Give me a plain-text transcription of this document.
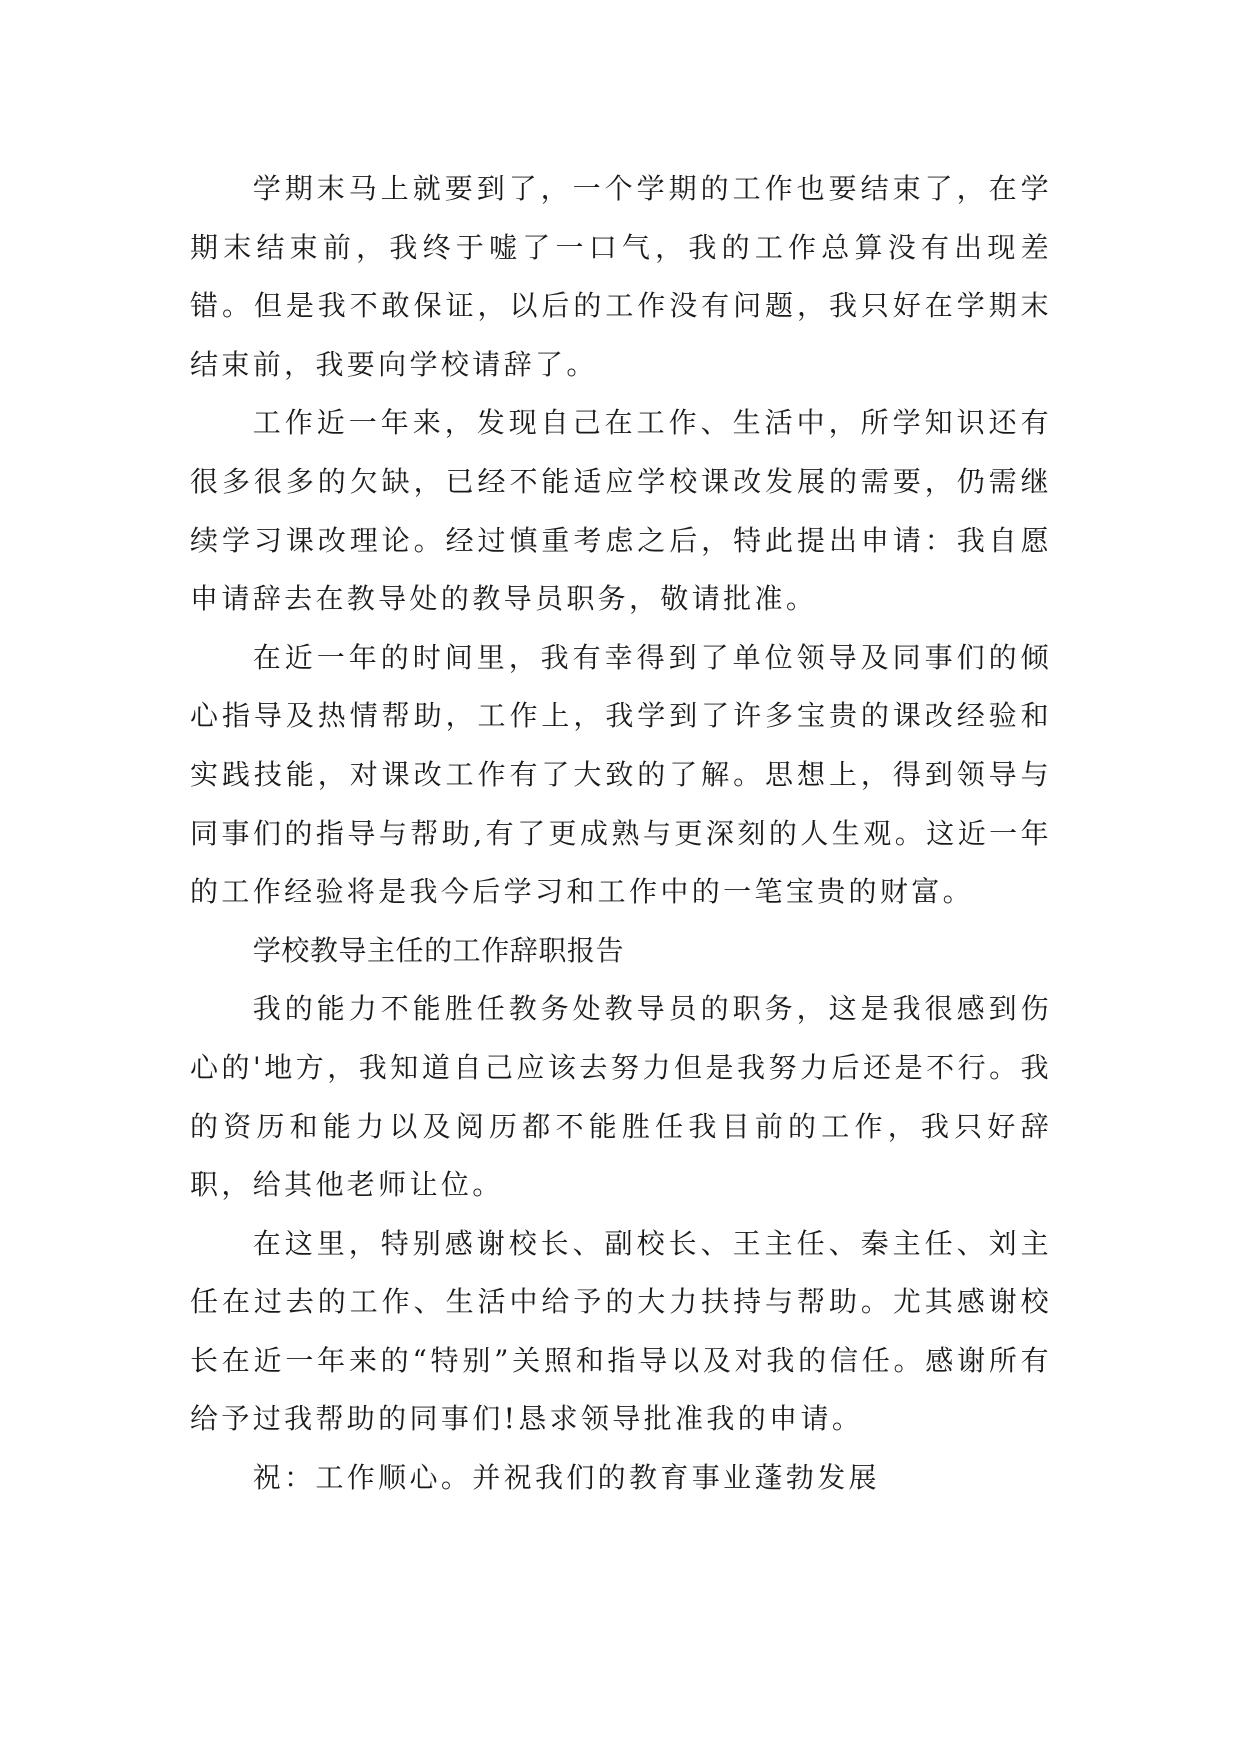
学期末马上就要到了，一个学期的工作也要结束了，在学期末结束前，我终于嘘了一口气，我的工作总算没有出现差错。但是我不敢保证，以后的工作没有问题，我只好在学期末结束前，我要向学校请辞了。

工作近一年来，发现自己在工作、生活中，所学知识还有很多很多的欠缺，已经不能适应学校课改发展的需要，仍需继续学习课改理论。经过慎重考虑之后，特此提出申请：我自愿申请辞去在教导处的教导员职务，敬请批准。

在近一年的时间里，我有幸得到了单位领导及同事们的倾心指导及热情帮助，工作上，我学到了许多宝贵的课改经验和实践技能，对课改工作有了大致的了解。思想上，得到领导与同事们的指导与帮助,有了更成熟与更深刻的人生观。这近一年的工作经验将是我今后学习和工作中的一笔宝贵的财富。

学校教导主任的工作辞职报告

我的能力不能胜任教务处教导员的职务，这是我很感到伤心的'地方，我知道自己应该去努力但是我努力后还是不行。我的资历和能力以及阅历都不能胜任我目前的工作，我只好辞职，给其他老师让位。

在这里，特别感谢校长、副校长、王主任、秦主任、刘主任在过去的工作、生活中给予的大力扶持与帮助。尤其感谢校长在近一年来的“特别”关照和指导以及对我的信任。感谢所有给予过我帮助的同事们!恳求领导批准我的申请。

祝：工作顺心。并祝我们的教育事业蓬勃发展
